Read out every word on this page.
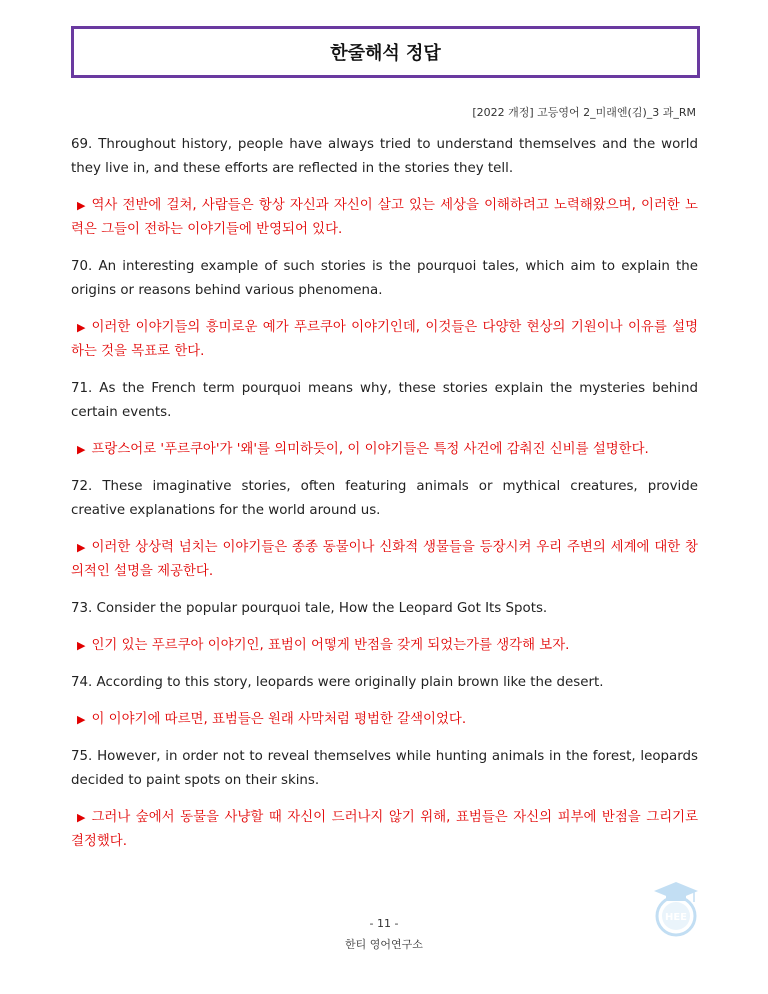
한줄해석 정답
[2022 개정] 고등영어 2_미래엔(김)_3 과_RM

69. Throughout history, people have always tried to understand themselves and the world they live in, and these efforts are reflected in the stories they tell.

▶ 역사 전반에 걸쳐, 사람들은 항상 자신과 자신이 살고 있는 세상을 이해하려고 노력해왔으며, 이러한 노력은 그들이 전하는 이야기들에 반영되어 있다.

70. An interesting example of such stories is the pourquoi tales, which aim to explain the origins or reasons behind various phenomena.

▶ 이러한 이야기들의 흥미로운 예가 푸르쿠아 이야기인데, 이것들은 다양한 현상의 기원이나 이유를 설명하는 것을 목표로 한다.

71. As the French term pourquoi means why, these stories explain the mysteries behind certain events.

▶ 프랑스어로 '푸르쿠아'가 '왜'를 의미하듯이, 이 이야기들은 특정 사건에 감춰진 신비를 설명한다.

72. These imaginative stories, often featuring animals or mythical creatures, provide creative explanations for the world around us.

▶ 이러한 상상력 넘치는 이야기들은 종종 동물이나 신화적 생물들을 등장시켜 우리 주변의 세계에 대한 창의적인 설명을 제공한다.

73. Consider the popular pourquoi tale, How the Leopard Got Its Spots.

▶ 인기 있는 푸르쿠아 이야기인, 표범이 어떻게 반점을 갖게 되었는가를 생각해 보자.

74. According to this story, leopards were originally plain brown like the desert.

▶ 이 이야기에 따르면, 표범들은 원래 사막처럼 평범한 갈색이었다.

75. However, in order not to reveal themselves while hunting animals in the forest, leopards decided to paint spots on their skins.

▶ 그러나 숲에서 동물을 사냥할 때 자신이 드러나지 않기 위해, 표범들은 자신의 피부에 반점을 그리기로 결정했다.

HEE
- 11 -
한티 영어연구소
